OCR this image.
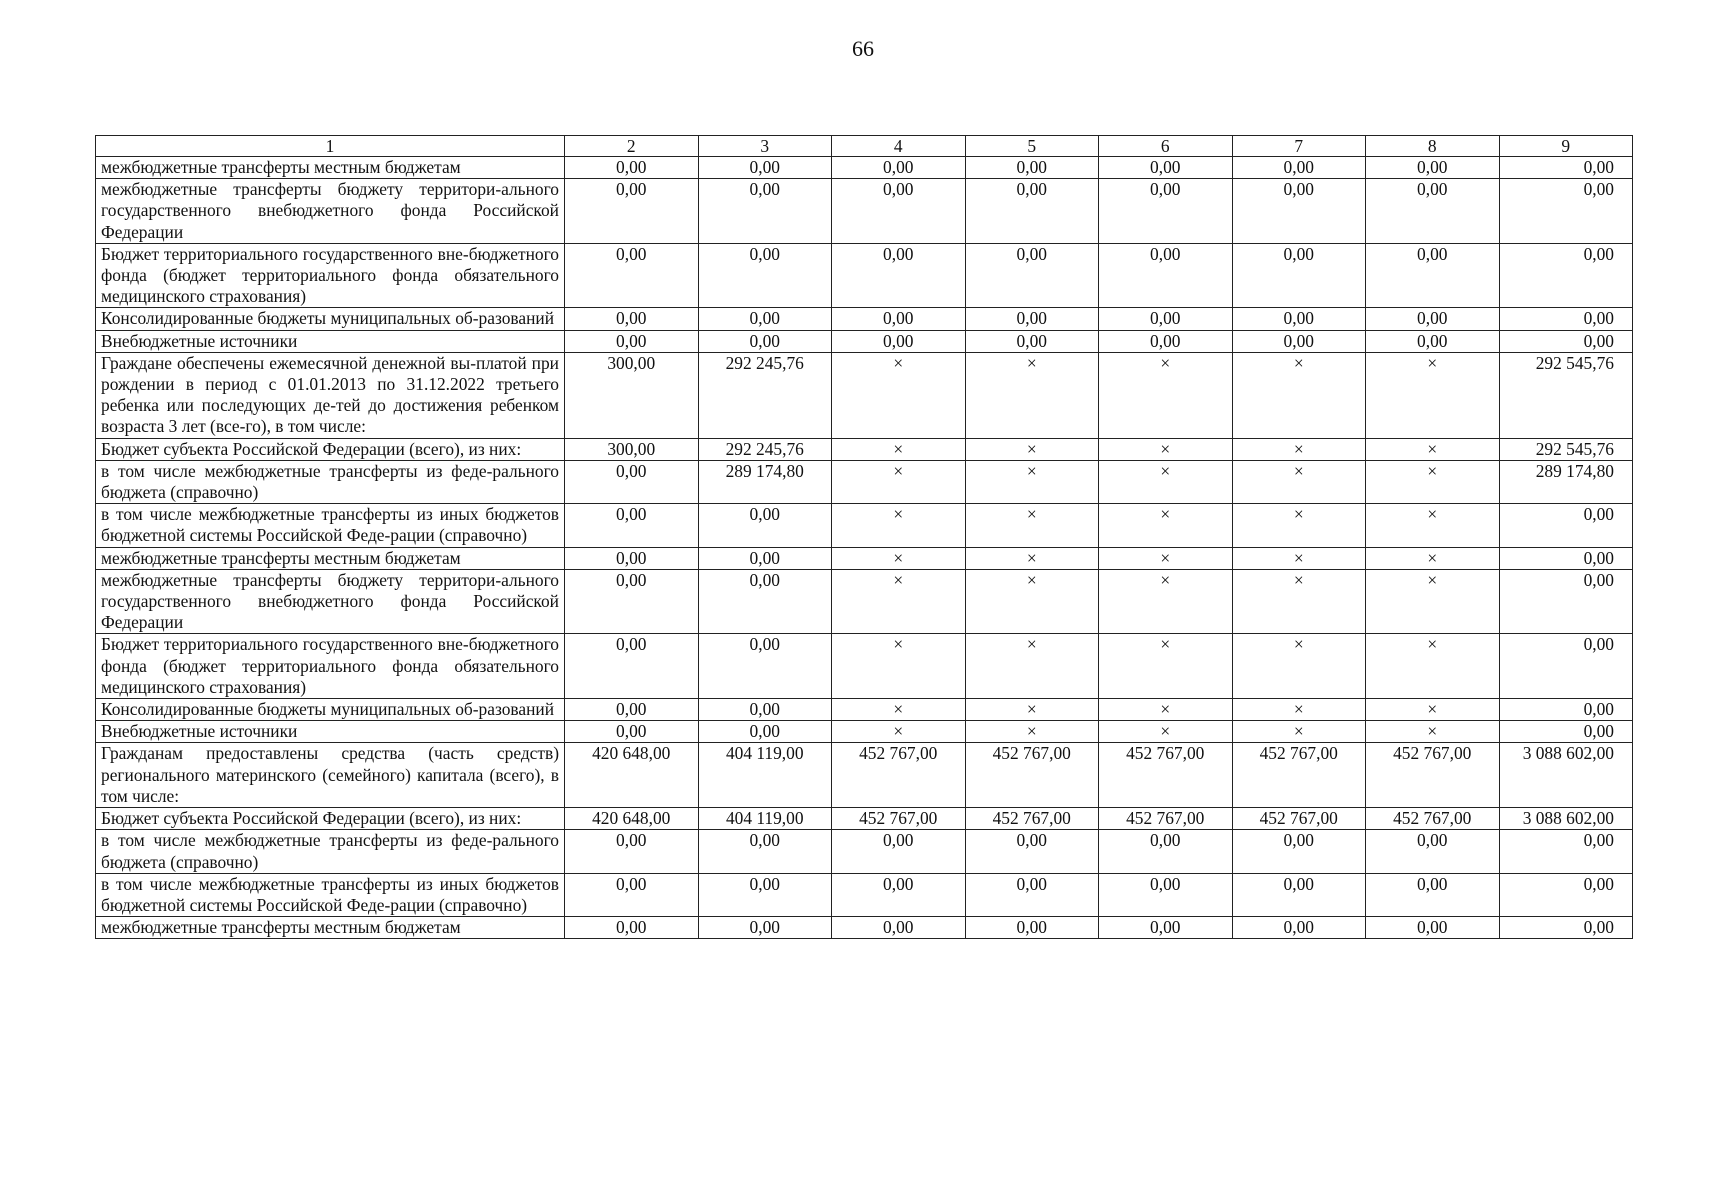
66
1	2	3	4	5	6	7	8	9
межбюджетные трансферты местным бюджетам	0,00	0,00	0,00	0,00	0,00	0,00	0,00	0,00
межбюджетные трансферты бюджету территори-ального государственного внебюджетного фонда Российской Федерации	0,00	0,00	0,00	0,00	0,00	0,00	0,00	0,00
Бюджет территориального государственного вне-бюджетного фонда (бюджет территориального фонда обязательного медицинского страхования)	0,00	0,00	0,00	0,00	0,00	0,00	0,00	0,00
Консолидированные бюджеты муниципальных об-разований	0,00	0,00	0,00	0,00	0,00	0,00	0,00	0,00
Внебюджетные источники	0,00	0,00	0,00	0,00	0,00	0,00	0,00	0,00
Граждане обеспечены ежемесячной денежной вы-платой при рождении в период с 01.01.2013 по 31.12.2022 третьего ребенка или последующих де-тей до достижения ребенком возраста 3 лет (все-го), в том числе:	300,00	292 245,76	×	×	×	×	×	292 545,76
Бюджет субъекта Российской Федерации (всего), из них:	300,00	292 245,76	×	×	×	×	×	292 545,76
в том числе межбюджетные трансферты из феде-рального бюджета (справочно)	0,00	289 174,80	×	×	×	×	×	289 174,80
в том числе межбюджетные трансферты из иных бюджетов бюджетной системы Российской Феде-рации (справочно)	0,00	0,00	×	×	×	×	×	0,00
межбюджетные трансферты местным бюджетам	0,00	0,00	×	×	×	×	×	0,00
межбюджетные трансферты бюджету территори-ального государственного внебюджетного фонда Российской Федерации	0,00	0,00	×	×	×	×	×	0,00
Бюджет территориального государственного вне-бюджетного фонда (бюджет территориального фонда обязательного медицинского страхования)	0,00	0,00	×	×	×	×	×	0,00
Консолидированные бюджеты муниципальных об-разований	0,00	0,00	×	×	×	×	×	0,00
Внебюджетные источники	0,00	0,00	×	×	×	×	×	0,00
Гражданам предоставлены средства (часть средств) регионального материнского (семейного) капитала (всего), в том числе:	420 648,00	404 119,00	452 767,00	452 767,00	452 767,00	452 767,00	452 767,00	3 088 602,00
Бюджет субъекта Российской Федерации (всего), из них:	420 648,00	404 119,00	452 767,00	452 767,00	452 767,00	452 767,00	452 767,00	3 088 602,00
в том числе межбюджетные трансферты из феде-рального бюджета (справочно)	0,00	0,00	0,00	0,00	0,00	0,00	0,00	0,00
в том числе межбюджетные трансферты из иных бюджетов бюджетной системы Российской Феде-рации (справочно)	0,00	0,00	0,00	0,00	0,00	0,00	0,00	0,00
межбюджетные трансферты местным бюджетам	0,00	0,00	0,00	0,00	0,00	0,00	0,00	0,00
